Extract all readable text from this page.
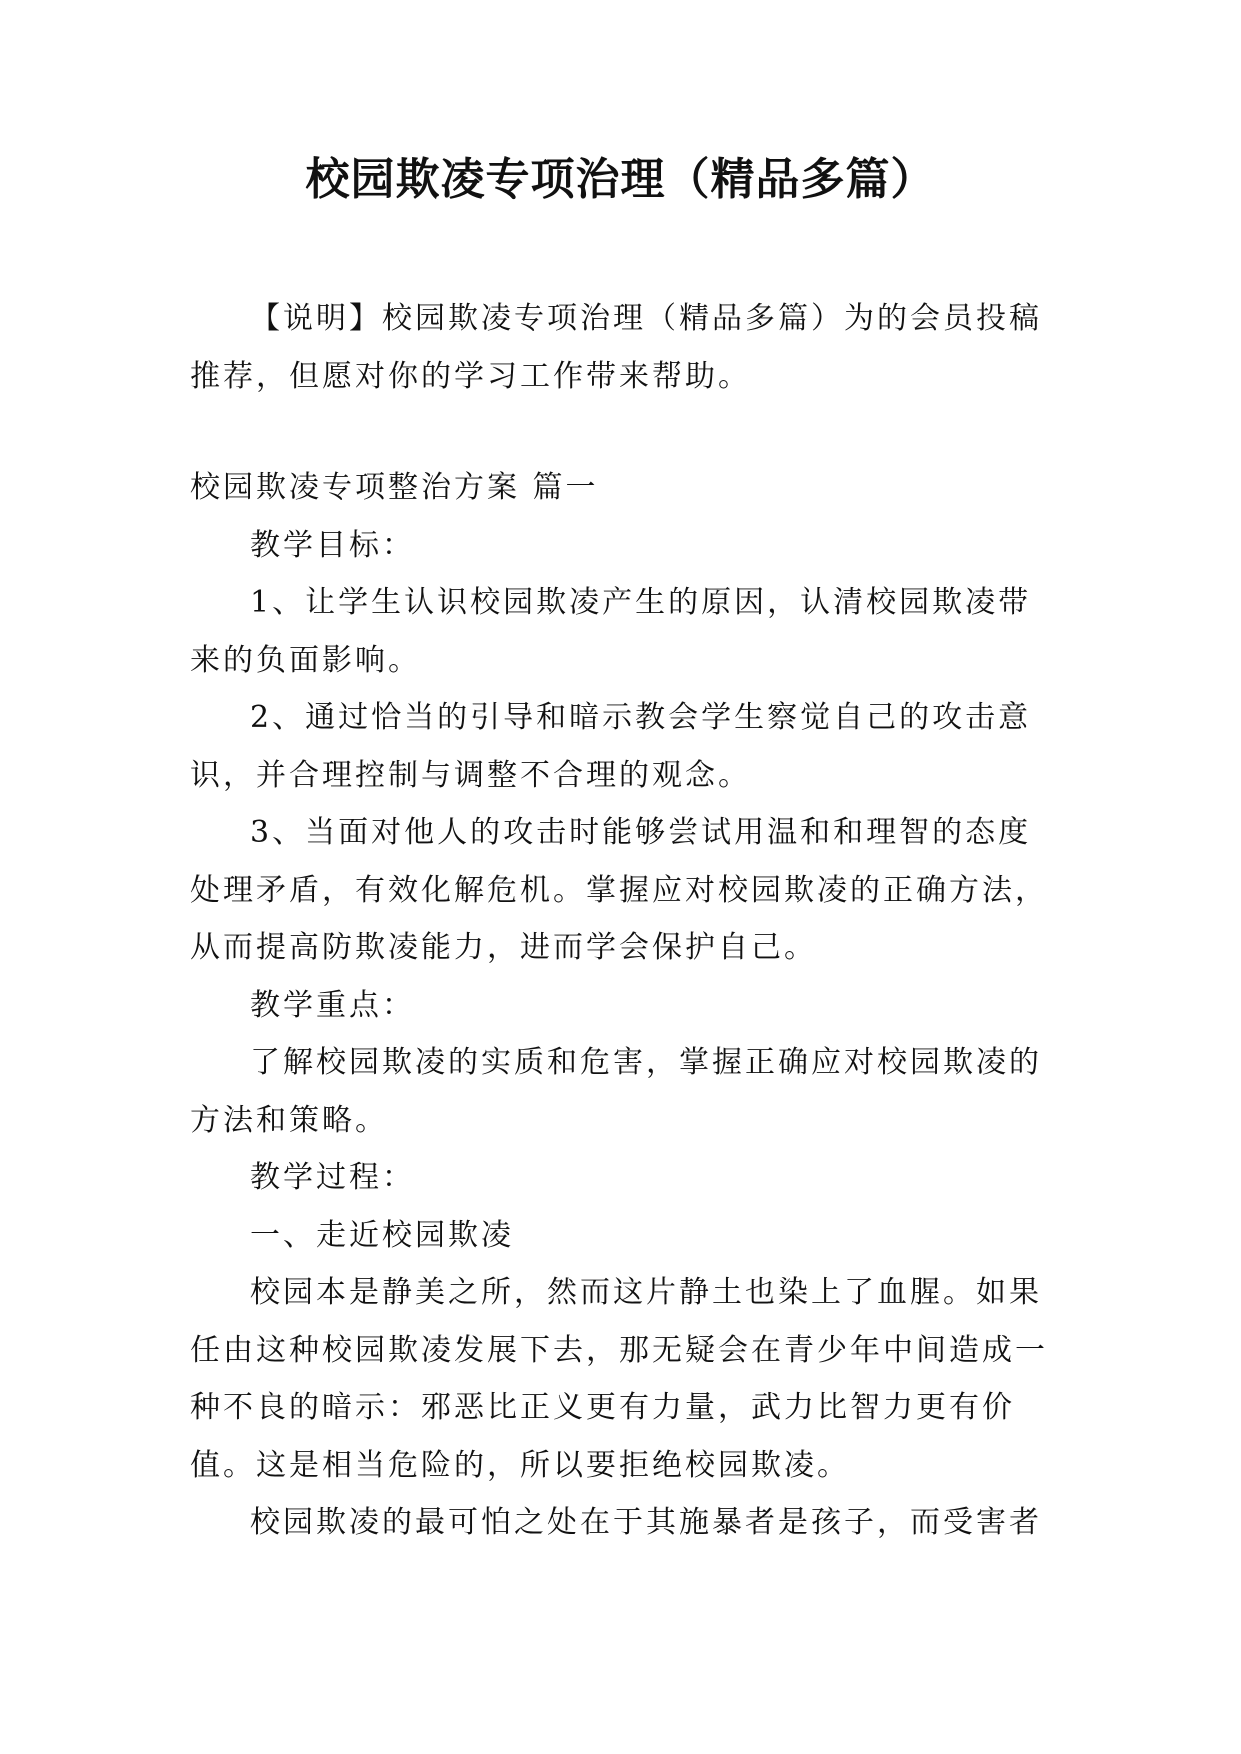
校园欺凌专项治理（精品多篇）

【说明】校园欺凌专项治理（精品多篇）为的会员投稿推荐，但愿对你的学习工作带来帮助。

校园欺凌专项整治方案 篇一

教学目标：

1、让学生认识校园欺凌产生的原因，认清校园欺凌带来的负面影响。

2、通过恰当的引导和暗示教会学生察觉自己的攻击意识，并合理控制与调整不合理的观念。

3、当面对他人的攻击时能够尝试用温和和理智的态度处理矛盾，有效化解危机。掌握应对校园欺凌的正确方法，从而提高防欺凌能力，进而学会保护自己。

教学重点：

了解校园欺凌的实质和危害，掌握正确应对校园欺凌的方法和策略。

教学过程：

一、走近校园欺凌

校园本是静美之所，然而这片静土也染上了血腥。如果任由这种校园欺凌发展下去，那无疑会在青少年中间造成一种不良的暗示：邪恶比正义更有力量，武力比智力更有价值。这是相当危险的，所以要拒绝校园欺凌。

校园欺凌的最可怕之处在于其施暴者是孩子，而受害者
